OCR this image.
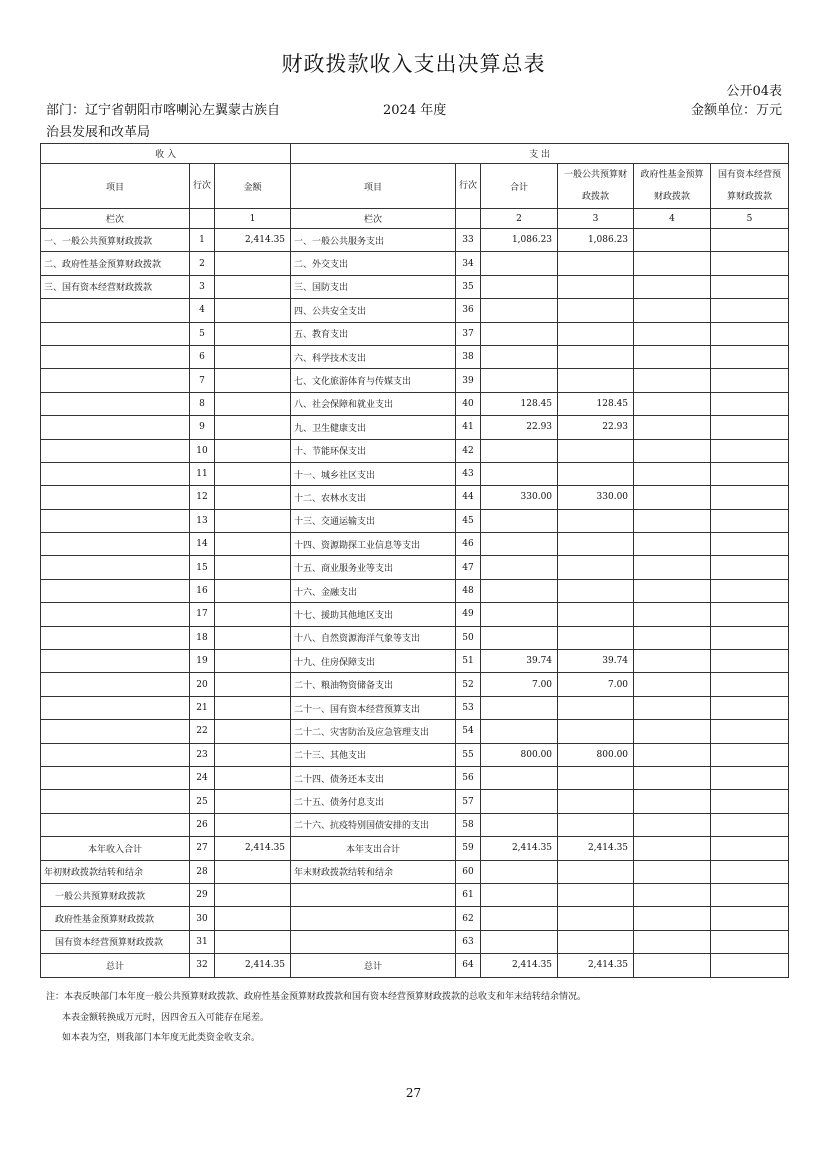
财政拨款收入支出决算总表
公开04表
部门：辽宁省朝阳市喀喇沁左翼蒙古族自治县发展和改革局
2024 年度	金额单位：万元
收 入			支 出					
项目	行次	金额	项目	行次	合计	一般公共预算财政拨款	政府性基金预算财政拨款	国有资本经营预算财政拨款
栏次		1	栏次		2	3	4	5
一、一般公共预算财政拨款	1	2,414.35	一、一般公共服务支出	33	1,086.23	1,086.23		
二、政府性基金预算财政拨款	2		二、外交支出	34				
三、国有资本经营财政拨款	3		三、国防支出	35				
	4		四、公共安全支出	36				
	5		五、教育支出	37				
	6		六、科学技术支出	38				
	7		七、文化旅游体育与传媒支出	39				
	8		八、社会保障和就业支出	40	128.45	128.45		
	9		九、卫生健康支出	41	22.93	22.93		
	10		十、节能环保支出	42				
	11		十一、城乡社区支出	43				
	12		十二、农林水支出	44	330.00	330.00		
	13		十三、交通运输支出	45				
	14		十四、资源勘探工业信息等支出	46				
	15		十五、商业服务业等支出	47				
	16		十六、金融支出	48				
	17		十七、援助其他地区支出	49				
	18		十八、自然资源海洋气象等支出	50				
	19		十九、住房保障支出	51	39.74	39.74		
	20		二十、粮油物资储备支出	52	7.00	7.00		
	21		二十一、国有资本经营预算支出	53				
	22		二十二、灾害防治及应急管理支出	54				
	23		二十三、其他支出	55	800.00	800.00		
	24		二十四、债务还本支出	56				
	25		二十五、债务付息支出	57				
	26		二十六、抗疫特别国债安排的支出	58				
本年收入合计	27	2,414.35	本年支出合计	59	2,414.35	2,414.35		
年初财政拨款结转和结余	28		年末财政拨款结转和结余	60				
一般公共预算财政拨款	29			61				
政府性基金预算财政拨款	30			62				
国有资本经营预算财政拨款	31			63				
总计	32	2,414.35	总计	64	2,414.35	2,414.35		
注：本表反映部门本年度一般公共预算财政拨款、政府性基金预算财政拨款和国有资本经营预算财政拨款的总收支和年末结转结余情况。
本表金额转换成万元时，因四舍五入可能存在尾差。
如本表为空，则我部门本年度无此类资金收支余。
27
